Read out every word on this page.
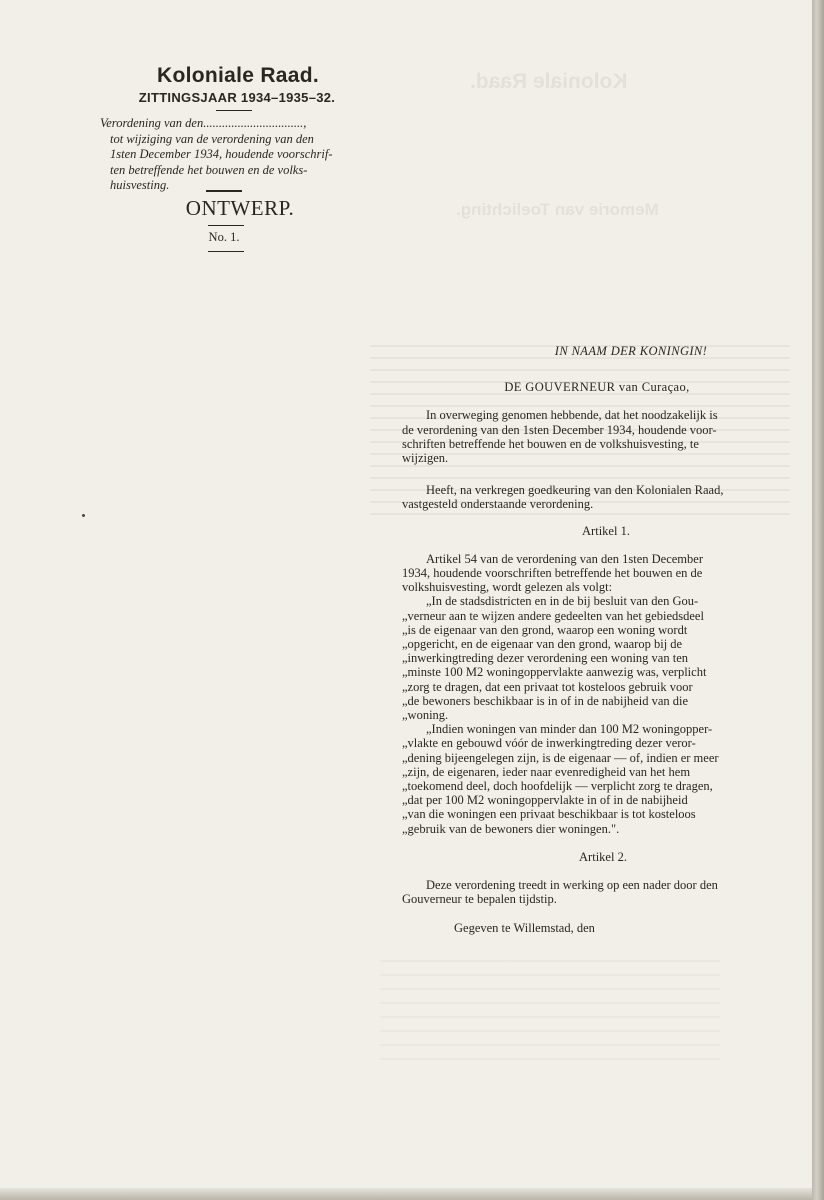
Koloniale Raad.
Memorie van Toelichting.
Koloniale Raad.
ZITTINGSJAAR 1934–1935–32.
Verordening van den................................,
tot wijziging van de verordening van den
1sten December 1934, houdende voorschrif-
ten betreffende het bouwen en de volks-
huisvesting.
ONTWERP.
No. 1.

IN NAAM DER KONINGIN!

DE GOUVERNEUR van Curaçao,

In overweging genomen hebbende, dat het noodzakelijk is

de verordening van den 1sten December 1934, houdende voor-

schriften betreffende het bouwen en de volkshuisvesting, te

wijzigen.

Heeft, na verkregen goedkeuring van den Kolonialen Raad,

vastgesteld onderstaande verordening.

Artikel 1.

Artikel 54 van de verordening van den 1sten December

1934, houdende voorschriften betreffende het bouwen en de

volkshuisvesting, wordt gelezen als volgt:

„In de stadsdistricten en in de bij besluit van den Gou-

„verneur aan te wijzen andere gedeelten van het gebiedsdeel

„is de eigenaar van den grond, waarop een woning wordt

„opgericht, en de eigenaar van den grond, waarop bij de

„inwerkingtreding dezer verordening een woning van ten

„minste 100 M2 woningoppervlakte aanwezig was, verplicht

„zorg te dragen, dat een privaat tot kosteloos gebruik voor

„de bewoners beschikbaar is in of in de nabijheid van die

„woning.

„Indien woningen van minder dan 100 M2 woningopper-

„vlakte en gebouwd vóór de inwerkingtreding dezer veror-

„dening bijeengelegen zijn, is de eigenaar — of, indien er meer

„zijn, de eigenaren, ieder naar evenredigheid van het hem

„toekomend deel, doch hoofdelijk — verplicht zorg te dragen,

„dat per 100 M2 woningoppervlakte in of in de nabijheid

„van die woningen een privaat beschikbaar is tot kosteloos

„gebruik van de bewoners dier woningen.".

Artikel 2.

Deze verordening treedt in werking op een nader door den

Gouverneur te bepalen tijdstip.

Gegeven te Willemstad, den
